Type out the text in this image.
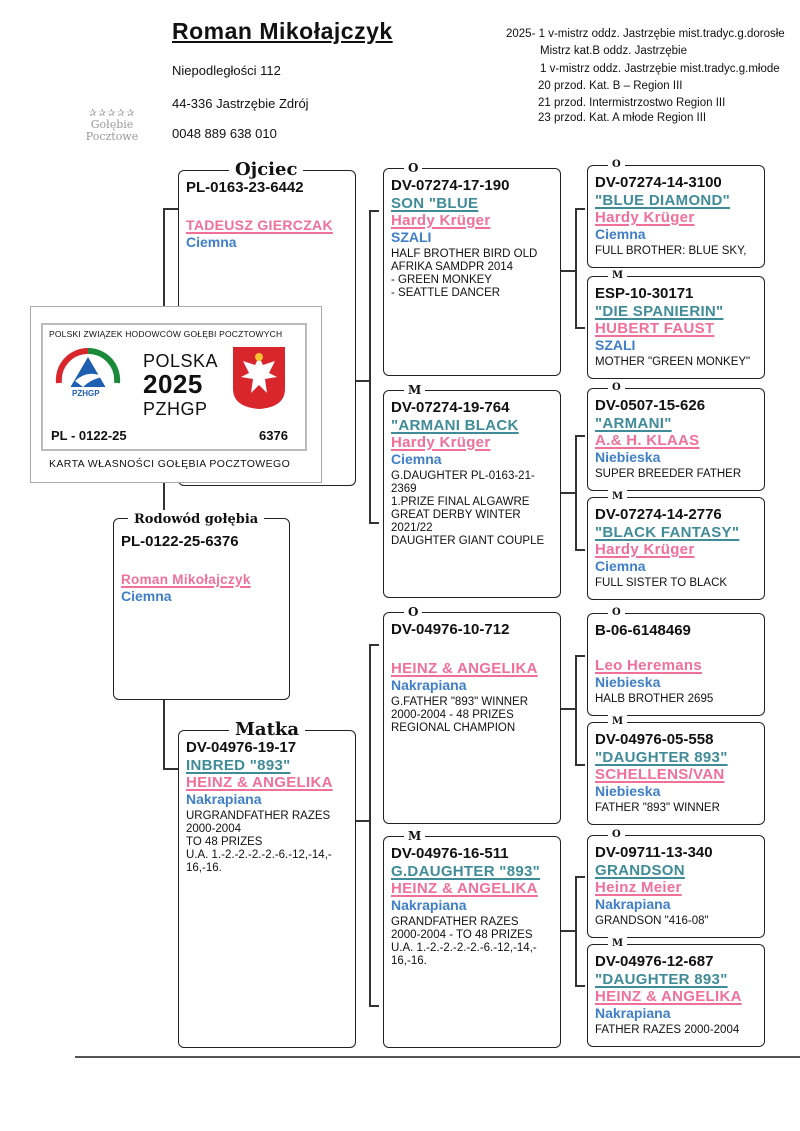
Roman Mikołajczyk
Niepodległości 112
44-336 Jastrzębie Zdrój
0048 889 638 010
✰✰✰✰✰
Gołębie
Pocztowe
2025- 1 v-mistrz oddz. Jastrzębie mist.tradyc.g.dorosłe
Mistrz kat.B oddz. Jastrzębie
1 v-mistrz oddz. Jastrzębie mist.tradyc.g.młode
20 przod. Kat. B – Region III
21 przod. Intermistrzostwo Region III
23 przod. Kat. A młode Region III
Ojciec
PL-0163-23-6442
TADEUSZ GIERCZAK
Ciemna
POLSKI ZWIĄZEK HODOWCÓW GOŁĘBI POCZTOWYCH
PZHGP
POLSKA
2025
PZHGP
PL - 0122-25	6376
KARTA WŁASNOŚCI GOŁĘBIA POCZTOWEGO
Rodowód gołębia
PL-0122-25-6376
Roman Mikołajczyk
Ciemna
Matka
DV-04976-19-17
INBRED "893"
HEINZ & ANGELIKA
Nakrapiana
URGRANDFATHER RAZES
2000-2004
TO 48 PRIZES
U.A. 1.-2.-2.-2.-2.-6.-12,-14,-
16,-16.
O
DV-07274-17-190
SON "BLUE
Hardy Krüger
SZALI
HALF BROTHER BIRD OLD
AFRIKA SAMDPR 2014
- GREEN MONKEY
- SEATTLE DANCER
M
DV-07274-19-764
"ARMANI BLACK
Hardy Krüger
Ciemna
G.DAUGHTER PL-0163-21-
2369
1.PRIZE FINAL ALGAWRE
GREAT DERBY WINTER
2021/22
DAUGHTER GIANT COUPLE
O
DV-04976-10-712
HEINZ & ANGELIKA
Nakrapiana
G.FATHER "893" WINNER
2000-2004 - 48 PRIZES
REGIONAL CHAMPION
M
DV-04976-16-511
G.DAUGHTER "893"
HEINZ & ANGELIKA
Nakrapiana
GRANDFATHER RAZES
2000-2004 - TO 48 PRIZES
U.A. 1.-2.-2.-2.-2.-6.-12,-14,-
16,-16.
O
DV-07274-14-3100
"BLUE DIAMOND"
Hardy Krüger
Ciemna
FULL BROTHER: BLUE SKY,
M
ESP-10-30171
"DIE SPANIERIN"
HUBERT FAUST
SZALI
MOTHER "GREEN MONKEY"
O
DV-0507-15-626
"ARMANI"
A.& H. KLAAS
Niebieska
SUPER BREEDER FATHER
M
DV-07274-14-2776
"BLACK FANTASY"
Hardy Krüger
Ciemna
FULL SISTER TO BLACK
O
B-06-6148469
Leo Heremans
Niebieska
HALB BROTHER 2695
M
DV-04976-05-558
"DAUGHTER 893"
SCHELLENS/VAN
Niebieska
FATHER "893" WINNER
O
DV-09711-13-340
GRANDSON
Heinz Meier
Nakrapiana
GRANDSON "416-08"
M
DV-04976-12-687
"DAUGHTER 893"
HEINZ & ANGELIKA
Nakrapiana
FATHER RAZES 2000-2004
